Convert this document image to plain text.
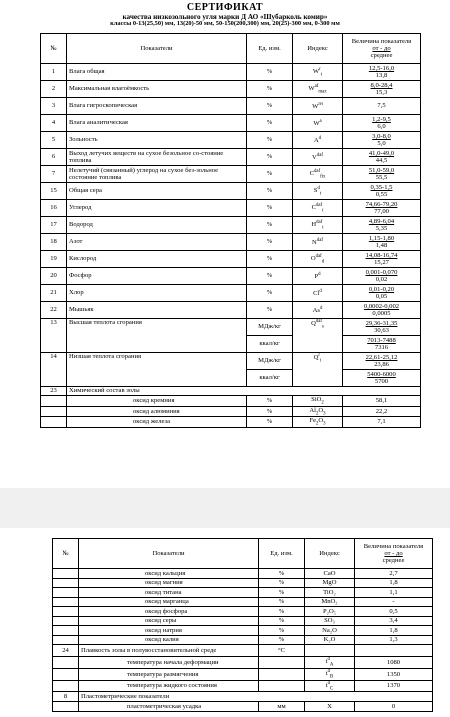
СЕРТИФИКАТ
качества низкозольного угля марки Д АО «Шубарколь комир»
классы 0-13(25,50) мм, 13(20)-50 мм, 50-150(200,300) мм, 20(25)-300 мм, 0-300 мм
№	Показатели	Ед. изм.	Индекс	Величина показателя
от - до
среднее

1	Влага общая	%	$W^r_t$	12,5-16,0
13,8

2	Максимальная влагоёмкость	%	$W^{af}_{max}$	8,0-28,4
15,3

3	Влага гигроскопическая	%	$W^{гн}$	7,5

4	Влага аналитическая	%	$W^a$	1,2-9,5
6,0

5	Зольность	%	$A^d$	3,0-8,0
5,0

6	Выход летучих веществ на сухое безольное со-стояние топлива	%	$V^{daf}$	41,0-49,0
44,5

7	Нелетучий (связанный) углерод на сухое без-зольное состояние топлива	%	$C^{daf}_{fix}$	51,0-59,0
55,5

15	Общая сера	%	$S^d_t$	0,35-1,5
0,55

16	Углерод	%	$C^{daf}_t$	74,66-79,20
77,00

17	Водород	%	$H^{daf}_t$	4,89-6,04
5,35

18	Азот	%	$N^{daf}$	1,15-1,80
1,48

19	Кислород	%	$O^{daf}_d$	14,08-16,74
15,27

20	Фосфор	%	$P^d$	0,001-0,070
0,02

21	Хлор	%	Cl$^d$	0,01-0,20
0,05

22	Мышьяк	%	As$^d$	0,0002-0,002
0,0005

13	Высшая теплота сгорания	МДж/кг	$Q^{daf}_s$	29,36-31,35
30,63

		ккал/кг		7013-7488
7316

14	Низшая теплота сгорания	МДж/кг	$Q^r_i$	22,61-25,12
23,86

		ккал/кг		5400-6000
5700

23	Химический состав золы			
	оксид кремния	%	SiO$_2$	58,1
	оксид алюминия	%	$Al_2O_3$	22,2
	оксид железа	%	$Fe_2O_3$	7,1
№	Показатели	Ед. изм.	Индекс	Величина показателя
от - до
среднее

	оксид кальция	%	CaO	2,7
	оксид магния	%	MgO	1,8
	оксид титана	%	TiO₂	1,1
	оксид марганца	%	MnO₂	-
	оксид фосфора	%	P₂O₅	0,5
	оксид серы	%	SO₃	3,4
	оксид натрия	%	Na₂O	1,8
	оксид калия	%	K₂O	1,3
24	Плавкость золы в полувосстановительной среде	°C		
	температура начала деформации		$t^d_A$	1080
	температура размягчения		$t^d_B$	1350
	температура жидкого состояния		$t^d_C$	1370
8	Пластометрические показатели			
	пластометрическая усадка	мм	X	0
